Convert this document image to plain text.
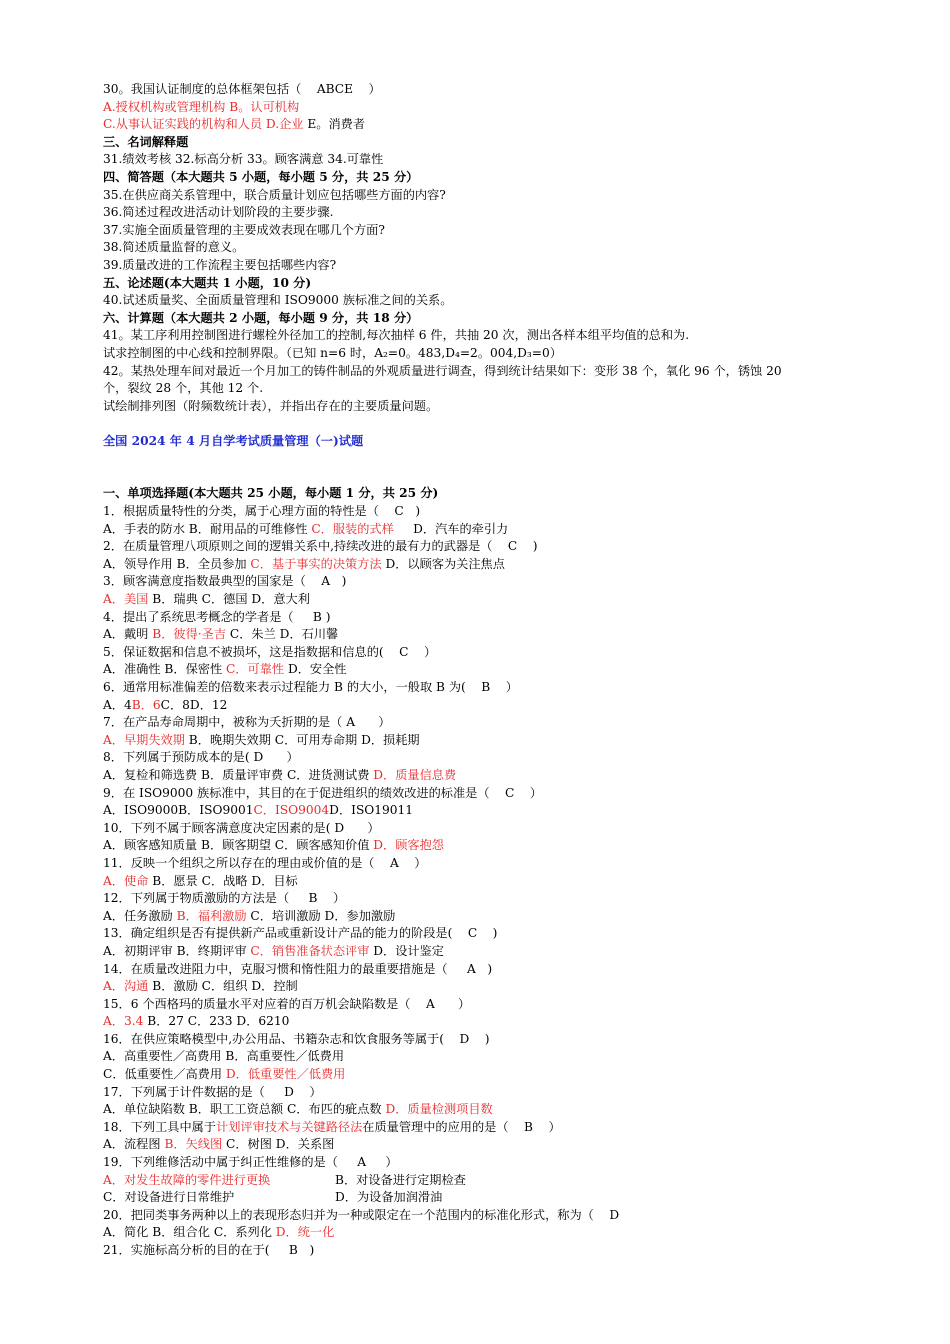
30。我国认证制度的总体框架包括（    ABCE    ）
A.授权机构或管理机构 B。认可机构
C.从事认证实践的机构和人员 D.企业 E。消费者
三、名词解释题
31.绩效考核 32.标高分析 33。顾客满意 34.可靠性
四、简答题（本大题共 5 小题，每小题 5 分，共 25 分）
35.在供应商关系管理中，联合质量计划应包括哪些方面的内容?
36.简述过程改进活动计划阶段的主要步骤.
37.实施全面质量管理的主要成效表现在哪几个方面?
38.简述质量监督的意义。
39.质量改进的工作流程主要包括哪些内容?
五、论述题(本大题共 1 小题，10 分)
40.试述质量奖、全面质量管理和 ISO9000 族标准之间的关系。
六、计算题（本大题共 2 小题，每小题 9 分，共 18 分）
41。某工序利用控制图进行螺栓外径加工的控制,每次抽样 6 件，共抽 20 次，测出各样本组平均值的总和为.
试求控制图的中心线和控制界限。（已知 n=6 时，A₂=0。483,D₄=2。004,D₃=0）
42。某热处理车间对最近一个月加工的铸件制品的外观质量进行调查，得到统计结果如下：变形 38 个，氧化 96 个，锈蚀 20
个，裂纹 28 个，其他 12 个.
试绘制排列图（附频数统计表），并指出存在的主要质量问题。
全国 2024 年 4 月自学考试质量管理（一)试题
一、单项选择题(本大题共 25 小题，每小题 1 分，共 25 分)
1．根据质量特性的分类，属于心理方面的特性是（    C   )
A．手表的防水 B．耐用品的可维修性 C．服装的式样     D．汽车的牵引力
2．在质量管理八项原则之间的逻辑关系中,持续改进的最有力的武器是（    C    )
A．领导作用 B．全员参加 C．基于事实的决策方法 D．以顾客为关注焦点
3．顾客满意度指数最典型的国家是（    A   )
A．美国 B．瑞典 C．德国 D．意大利
4．提出了系统思考概念的学者是（     B )
A．戴明 B．彼得·圣吉 C．朱兰 D．石川馨
5．保证数据和信息不被损坏，这是指数据和信息的(    C    ）
A．准确性 B．保密性 C．可靠性 D．安全性
6．通常用标准偏差的倍数来表示过程能力 B 的大小，一般取 B 为(    B    ）
A．4B．6C．8D．12
7．在产品寿命周期中，被称为夭折期的是（ A      ）
A．早期失效期 B．晚期失效期 C．可用寿命期 D．损耗期
8．下列属于预防成本的是( D      ）
A．复检和筛选费 B．质量评审费 C．进货测试费 D．质量信息费
9．在 ISO9000 族标准中，其目的在于促进组织的绩效改进的标准是（    C    ）
A．ISO9000B．ISO9001C．ISO9004D．ISO19011
10．下列不属于顾客满意度决定因素的是( D      ）
A．顾客感知质量 B．顾客期望 C．顾客感知价值 D．顾客抱怨
11．反映一个组织之所以存在的理由或价值的是（    A    ）
A．使命 B．愿景 C．战略 D．目标
12．下列属于物质激励的方法是（     B    ）
A．任务激励 B．福利激励 C．培训激励 D．参加激励
13．确定组织是否有提供新产品或重新设计产品的能力的阶段是(    C    )
A．初期评审 B．终期评审 C．销售准备状态评审 D．设计鉴定
14．在质量改进阻力中，克服习惯和惰性阻力的最重要措施是（     A   )
A．沟通 B．激励 C．组织 D．控制
15．6 个西格玛的质量水平对应着的百万机会缺陷数是（    A      ）
A．3.4 B．27 C．233 D．6210
16．在供应策略模型中,办公用品、书籍杂志和饮食服务等属于(    D    )
A．高重要性／高费用 B．高重要性／低费用
C．低重要性／高费用 D．低重要性／低费用
17．下列属于计件数据的是（     D    ）
A．单位缺陷数 B．职工工资总额 C．布匹的疵点数 D．质量检测项目数
18．下列工具中属于计划评审技术与关键路径法在质量管理中的应用的是（    B    ）
A．流程图 B．矢线图 C．树图 D．关系图
19．下列维修活动中属于纠正性维修的是（     A     ）
A．对发生故障的零件进行更换	B．对设备进行定期检查
C．对设备进行日常维护	D．为设备加润滑油
20．把同类事务两种以上的表现形态归并为一种或限定在一个范围内的标准化形式，称为（    D
A．简化 B．组合化 C．系列化 D．统一化
21．实施标高分析的目的在于(     B   )
